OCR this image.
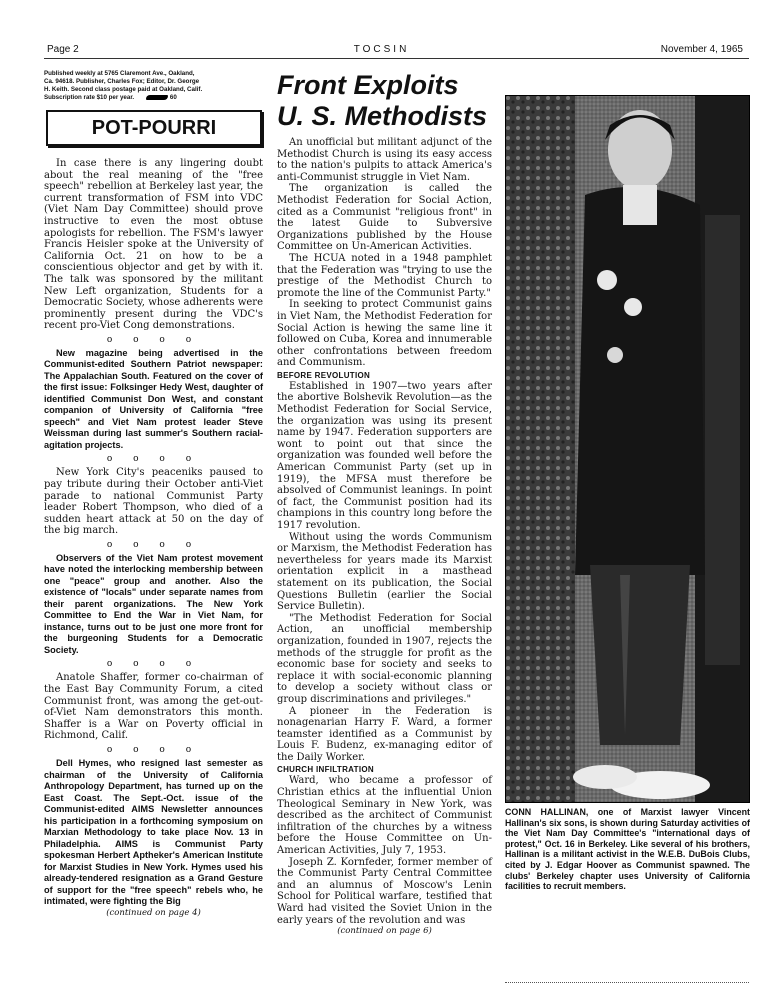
Page 2	TOCSIN	November 4, 1965
Published weekly at 5765 Claremont Ave., Oakland,
Ca. 94618. Publisher, Charles Fox; Editor, Dr. George
H. Keith. Second class postage paid at Oakland, Calif.
Subscription rate $10 per year.	60
POT-POURRI

In case there is any lingering doubt about the real meaning of the "free speech" rebellion at Berkeley last year, the current transformation of FSM into VDC (Viet Nam Day Committee) should prove instructive to even the most obtuse apologists for rebellion. The FSM's lawyer Francis Heisler spoke at the University of California Oct. 21 on how to be a conscientious objector and get by with it. The talk was sponsored by the militant New Left organization, Students for a Democratic Society, whose adherents were prominently present during the VDC's recent pro-Viet Cong demonstrations.

o o o o

New magazine being advertised in the Communist-edited Southern Patriot newspaper: The Appalachian South. Featured on the cover of the first issue: Folksinger Hedy West, daughter of identified Communist Don West, and constant companion of University of California "free speech" and Viet Nam protest leader Steve Weissman during last summer's Southern racial-agitation projects.

o o o o

New York City's peaceniks paused to pay tribute during their October anti-Viet parade to national Communist Party leader Robert Thompson, who died of a sudden heart attack at 50 on the day of the big march.

o o o o

Observers of the Viet Nam protest movement have noted the interlocking membership between one "peace" group and another. Also the existence of "locals" under separate names from their parent organizations. The New York Committee to End the War in Viet Nam, for instance, turns out to be just one more front for the burgeoning Students for a Democratic Society.

o o o o

Anatole Shaffer, former co-chairman of the East Bay Community Forum, a cited Communist front, was among the get-out-of-Viet Nam demonstrators this month. Shaffer is a War on Poverty official in Richmond, Calif.

o o o o

Dell Hymes, who resigned last semester as chairman of the University of California Anthropology Department, has turned up on the East Coast. The Sept.-Oct. issue of the Communist-edited AIMS Newsletter announces his participation in a forthcoming symposium on Marxian Methodology to take place Nov. 13 in Philadelphia. AIMS is Communist Party spokesman Herbert Aptheker's American Institute for Marxist Studies in New York. Hymes used his already-tendered resignation as a Grand Gesture of support for the "free speech" rebels who, he intimated, were fighting the Big

(continued on page 4)

Front Exploits
U. S. Methodists

An unofficial but militant adjunct of the Methodist Church is using its easy access to the nation's pulpits to attack America's anti-Communist struggle in Viet Nam.

The organization is called the Methodist Federation for Social Action, cited as a Communist "religious front" in the latest Guide to Subversive Organizations published by the House Committee on Un-American Activities.

The HCUA noted in a 1948 pamphlet that the Federation was "trying to use the prestige of the Methodist Church to promote the line of the Communist Party."

In seeking to protect Communist gains in Viet Nam, the Methodist Federation for Social Action is hewing the same line it followed on Cuba, Korea and innumerable other confrontations between freedom and Communism.

BEFORE REVOLUTION

Established in 1907—two years after the abortive Bolshevik Revolution—as the Methodist Federation for Social Service, the organization was using its present name by 1947. Federation supporters are wont to point out that since the organization was founded well before the American Communist Party (set up in 1919), the MFSA must therefore be absolved of Communist leanings. In point of fact, the Communist position had its champions in this country long before the 1917 revolution.

Without using the words Communism or Marxism, the Methodist Federation has nevertheless for years made its Marxist orientation explicit in a masthead statement on its publication, the Social Questions Bulletin (earlier the Social Service Bulletin).

"The Methodist Federation for Social Action, an unofficial membership organization, founded in 1907, rejects the methods of the struggle for profit as the economic base for society and seeks to replace it with social-economic planning to develop a society without class or group discriminations and privileges."

A pioneer in the Federation is nonagenarian Harry F. Ward, a former teamster identified as a Communist by Louis F. Budenz, ex-managing editor of the Daily Worker.

CHURCH INFILTRATION

Ward, who became a professor of Christian ethics at the influential Union Theological Seminary in New York, was described as the architect of Communist infiltration of the churches by a witness before the House Committee on Un-American Activities, July 7, 1953.

Joseph Z. Kornfeder, former member of the Communist Party Central Committee and an alumnus of Moscow's Lenin School for Political warfare, testified that Ward had visited the Soviet Union in the early years of the revolution and was

(continued on page 6)

CONN HALLINAN, one of Marxist lawyer Vincent Hallinan's six sons, is shown during Saturday activities of the Viet Nam Day Committee's "international days of protest," Oct. 16 in Berkeley. Like several of his brothers, Hallinan is a militant activist in the W.E.B. DuBois Clubs, cited by J. Edgar Hoover as Communist spawned. The clubs' Berkeley chapter uses University of California facilities to recruit members.
